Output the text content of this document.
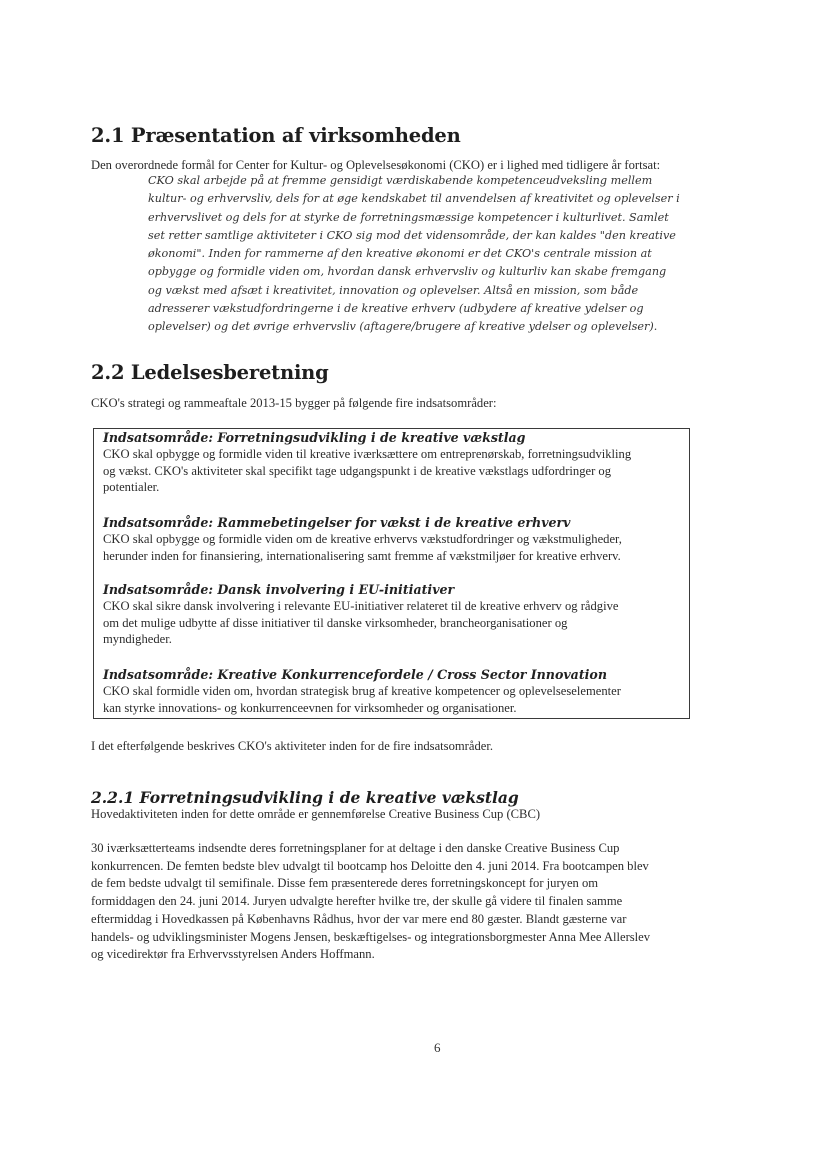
2.1 Præsentation af virksomheden

Den overordnede formål for Center for Kultur- og Oplevelsesøkonomi (CKO) er i lighed med tidligere år fortsat:

CKO skal arbejde på at fremme gensidigt værdiskabende kompetenceudveksling mellem
kultur- og erhvervsliv, dels for at øge kendskabet til anvendelsen af kreativitet og oplevelser i
erhvervslivet og dels for at styrke de forretningsmæssige kompetencer i kulturlivet. Samlet
set retter samtlige aktiviteter i CKO sig mod det vidensområde, der kan kaldes "den kreative
økonomi". Inden for rammerne af den kreative økonomi er det CKO's centrale mission at
opbygge og formidle viden om, hvordan dansk erhvervsliv og kulturliv kan skabe fremgang
og vækst med afsæt i kreativitet, innovation og oplevelser. Altså en mission, som både
adresserer vækstudfordringerne i de kreative erhverv (udbydere af kreative ydelser og
oplevelser) og det øvrige erhvervsliv (aftagere/brugere af kreative ydelser og oplevelser).
2.2 Ledelsesberetning

CKO's strategi og rammeaftale 2013-15 bygger på følgende fire indsatsområder:

Indsatsområde: Forretningsudvikling i de kreative vækstlag
CKO skal opbygge og formidle viden til kreative iværksættere om entreprenørskab, forretningsudvikling
og vækst. CKO's aktiviteter skal specifikt tage udgangspunkt i de kreative vækstlags udfordringer og
potentialer.
Indsatsområde: Rammebetingelser for vækst i de kreative erhverv
CKO skal opbygge og formidle viden om de kreative erhvervs vækstudfordringer og vækstmuligheder,
herunder inden for finansiering, internationalisering samt fremme af vækstmiljøer for kreative erhverv.
Indsatsområde: Dansk involvering i EU-initiativer
CKO skal sikre dansk involvering i relevante EU-initiativer relateret til de kreative erhverv og rådgive
om det mulige udbytte af disse initiativer til danske virksomheder, brancheorganisationer og
myndigheder.
Indsatsområde: Kreative Konkurrencefordele / Cross Sector Innovation
CKO skal formidle viden om, hvordan strategisk brug af kreative kompetencer og oplevelseselementer
kan styrke innovations- og konkurrenceevnen for virksomheder og organisationer.

I det efterfølgende beskrives CKO's aktiviteter inden for de fire indsatsområder.

2.2.1 Forretningsudvikling i de kreative vækstlag

Hovedaktiviteten inden for dette område er gennemførelse Creative Business Cup (CBC)

30 iværksætterteams indsendte deres forretningsplaner for at deltage i den danske Creative Business Cup
konkurrencen. De femten bedste blev udvalgt til bootcamp hos Deloitte den 4. juni 2014. Fra bootcampen blev
de fem bedste udvalgt til semifinale. Disse fem præsenterede deres forretningskoncept for juryen om
formiddagen den 24. juni 2014. Juryen udvalgte herefter hvilke tre, der skulle gå videre til finalen samme
eftermiddag i Hovedkassen på Københavns Rådhus, hvor der var mere end 80 gæster. Blandt gæsterne var
handels- og udviklingsminister Mogens Jensen, beskæftigelses- og integrationsborgmester Anna Mee Allerslev
og vicedirektør fra Erhvervsstyrelsen Anders Hoffmann.
6
